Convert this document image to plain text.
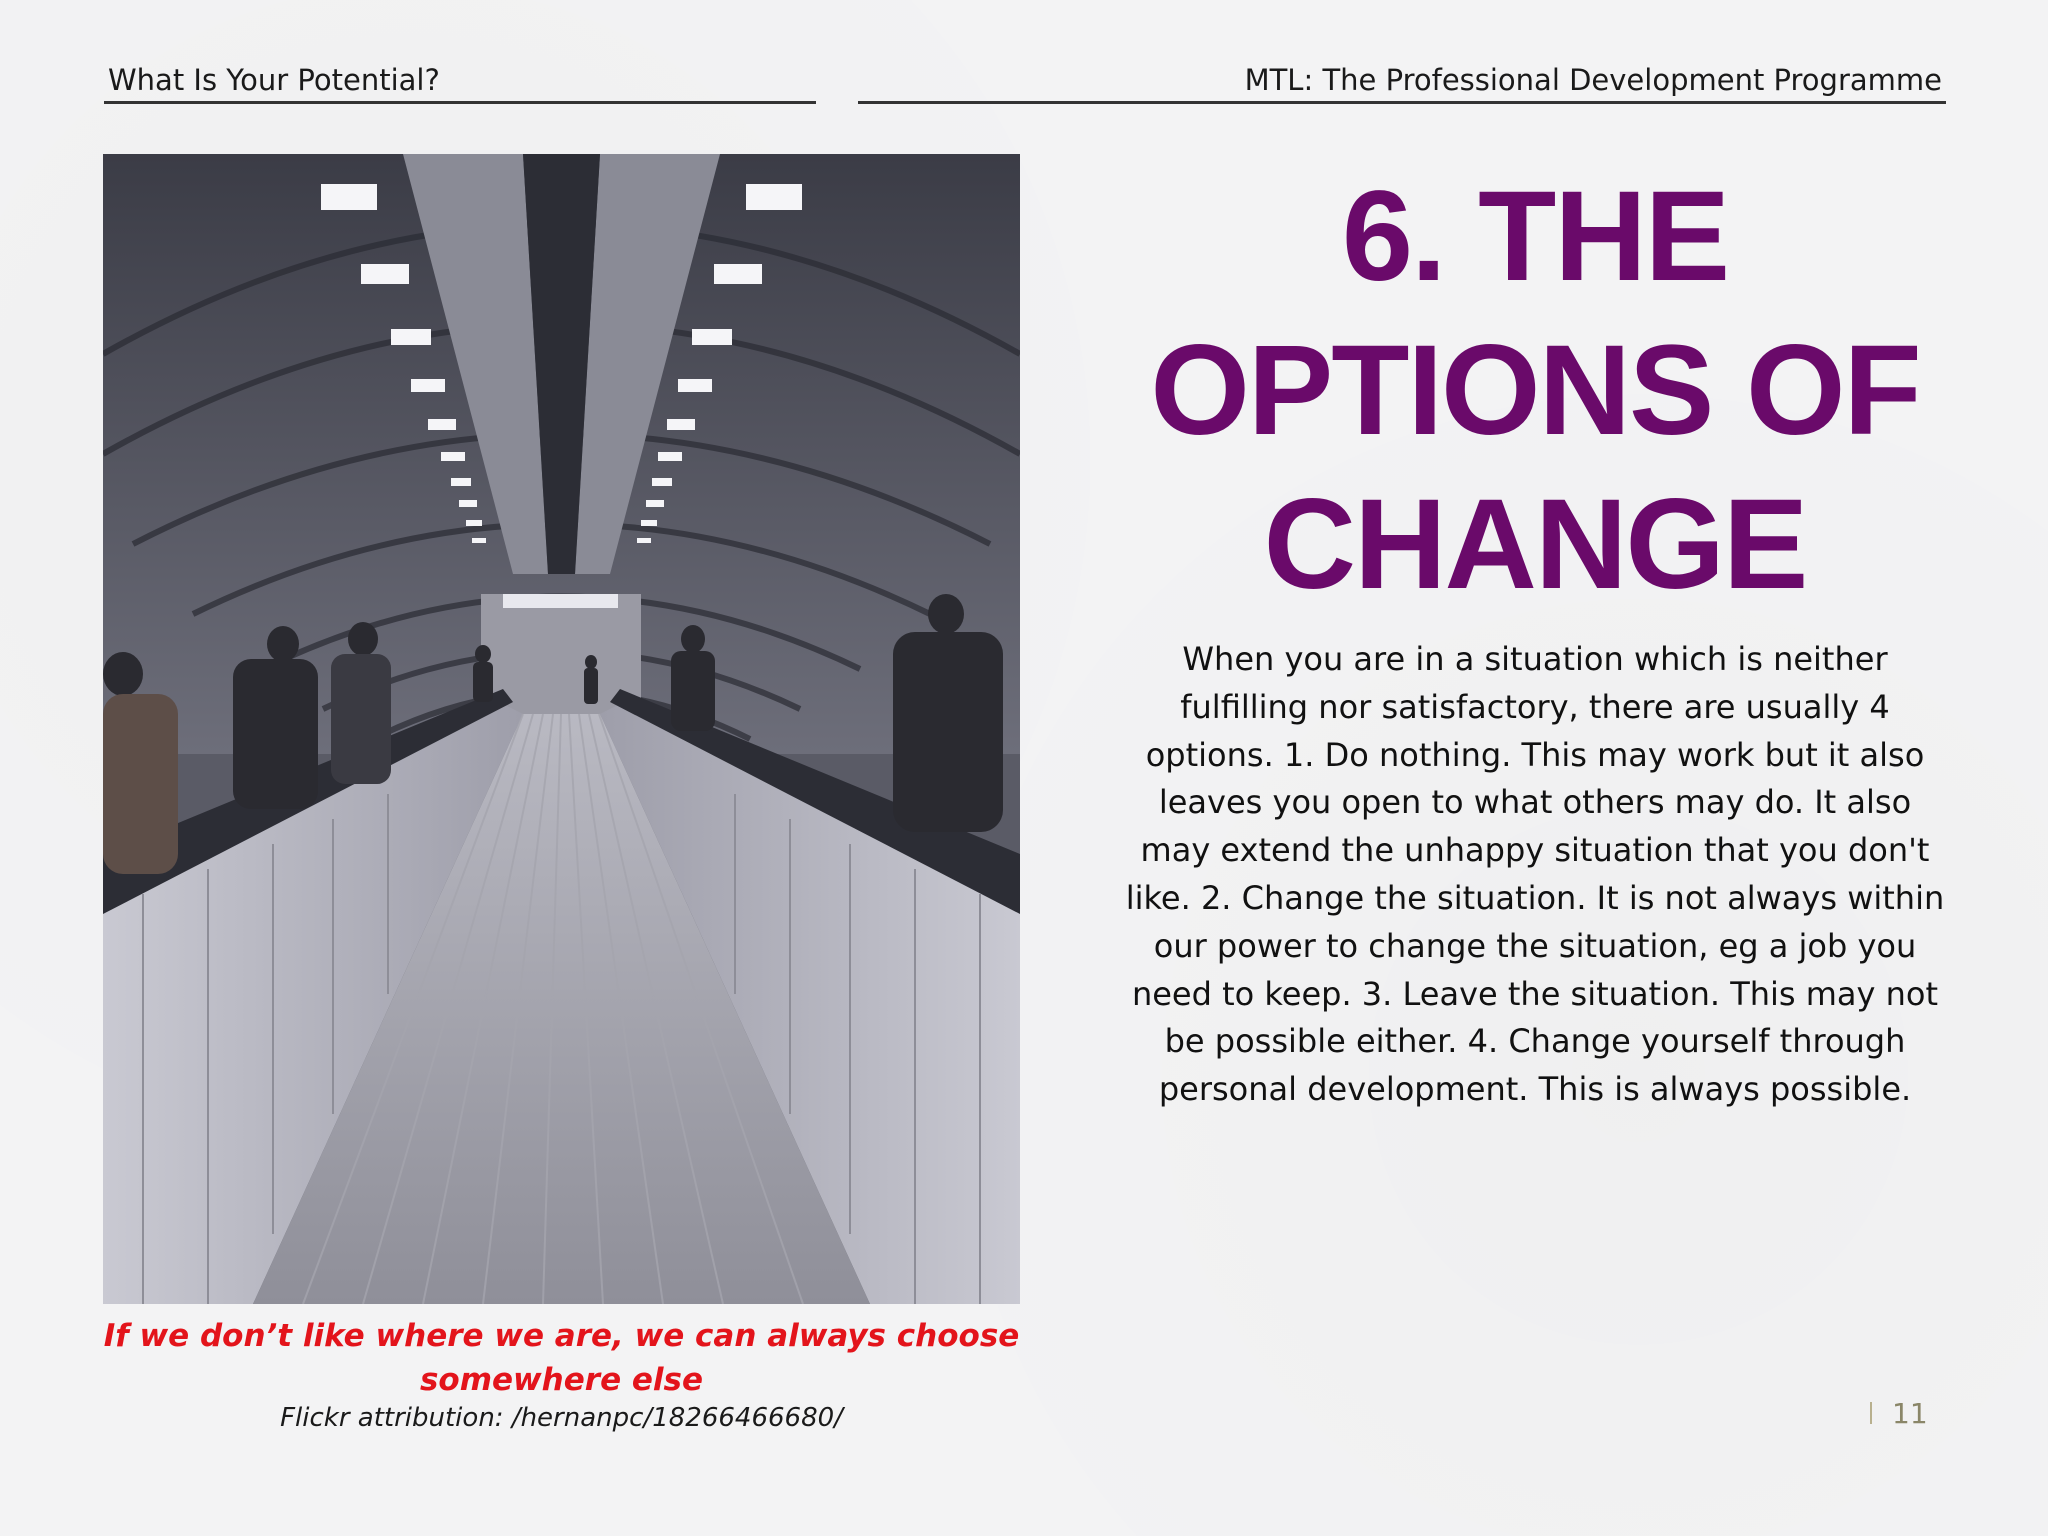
What Is Your Potential?	MTL: The Professional Development Programme
If we don’t like where we are, we can always choose somewhere else
Flickr attribution: /hernanpc/18266466680/
6. THE OPTIONS OF CHANGE
When you are in a situation which is neither fulfilling nor satisfactory, there are usually 4 options. 1. Do nothing. This may work but it also leaves you open to what others may do. It also may extend the unhappy situation that you don't like. 2. Change the situation. It is not always within our power to change the situation, eg a job you need to keep. 3. Leave the situation. This may not be possible either. 4. Change yourself through personal development. This is always possible.
11
